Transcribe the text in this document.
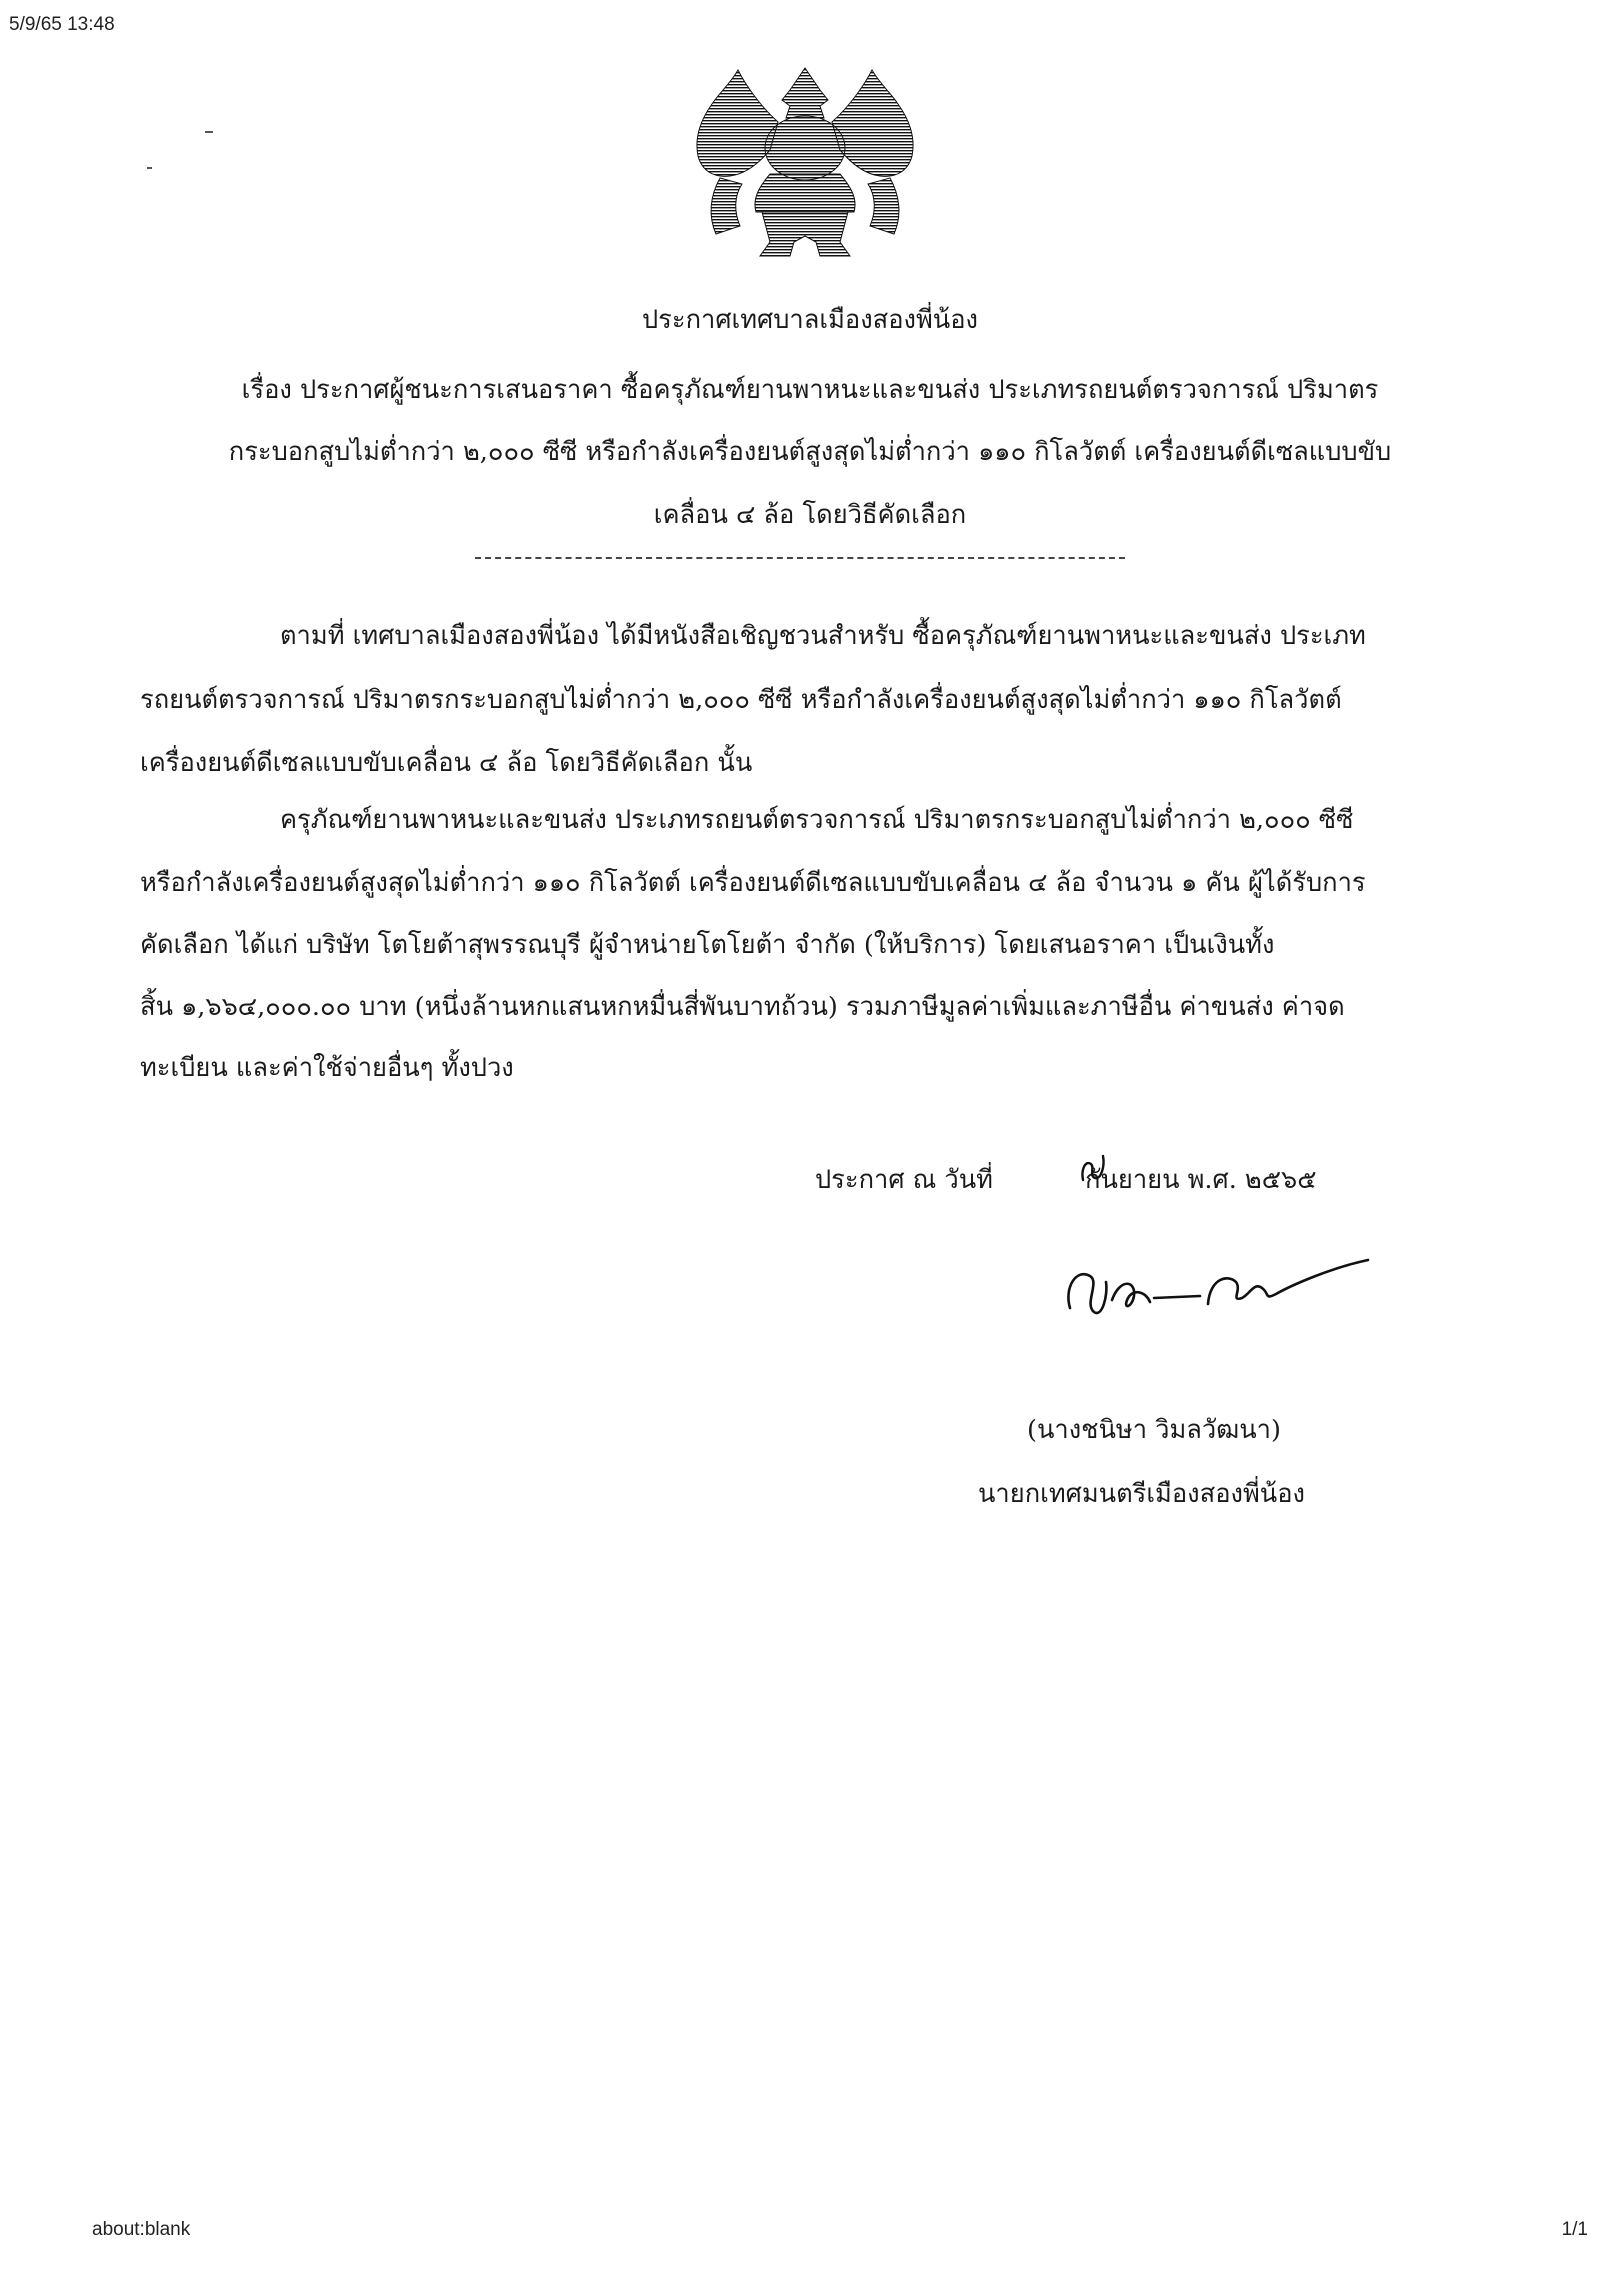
5/9/65 13:48
ประกาศเทศบาลเมืองสองพี่น้อง
เรื่อง ประกาศผู้ชนะการเสนอราคา ซื้อครุภัณฑ์ยานพาหนะและขนส่ง ประเภทรถยนต์ตรวจการณ์ ปริมาตร
กระบอกสูบไม่ต่ำกว่า ๒,๐๐๐ ซีซี หรือกำลังเครื่องยนต์สูงสุดไม่ต่ำกว่า ๑๑๐ กิโลวัตต์ เครื่องยนต์ดีเซลแบบขับ
เคลื่อน ๔ ล้อ โดยวิธีคัดเลือก
ตามที่ เทศบาลเมืองสองพี่น้อง ได้มีหนังสือเชิญชวนสำหรับ ซื้อครุภัณฑ์ยานพาหนะและขนส่ง ประเภท
รถยนต์ตรวจการณ์ ปริมาตรกระบอกสูบไม่ต่ำกว่า ๒,๐๐๐ ซีซี หรือกำลังเครื่องยนต์สูงสุดไม่ต่ำกว่า ๑๑๐ กิโลวัตต์
เครื่องยนต์ดีเซลแบบขับเคลื่อน ๔ ล้อ โดยวิธีคัดเลือก นั้น
ครุภัณฑ์ยานพาหนะและขนส่ง ประเภทรถยนต์ตรวจการณ์ ปริมาตรกระบอกสูบไม่ต่ำกว่า ๒,๐๐๐ ซีซี
หรือกำลังเครื่องยนต์สูงสุดไม่ต่ำกว่า ๑๑๐ กิโลวัตต์ เครื่องยนต์ดีเซลแบบขับเคลื่อน ๔ ล้อ จำนวน ๑ คัน ผู้ได้รับการ
คัดเลือก ได้แก่ บริษัท โตโยต้าสุพรรณบุรี ผู้จำหน่ายโตโยต้า จำกัด (ให้บริการ) โดยเสนอราคา เป็นเงินทั้ง
สิ้น ๑,๖๖๔,๐๐๐.๐๐ บาท (หนึ่งล้านหกแสนหกหมื่นสี่พันบาทถ้วน) รวมภาษีมูลค่าเพิ่มและภาษีอื่น ค่าขนส่ง ค่าจด
ทะเบียน และค่าใช้จ่ายอื่นๆ ทั้งปวง
ประกาศ ณ วันที่	กันยายน พ.ศ. ๒๕๖๕
(นางชนิษา วิมลวัฒนา)
นายกเทศมนตรีเมืองสองพี่น้อง
about:blank	1/1
